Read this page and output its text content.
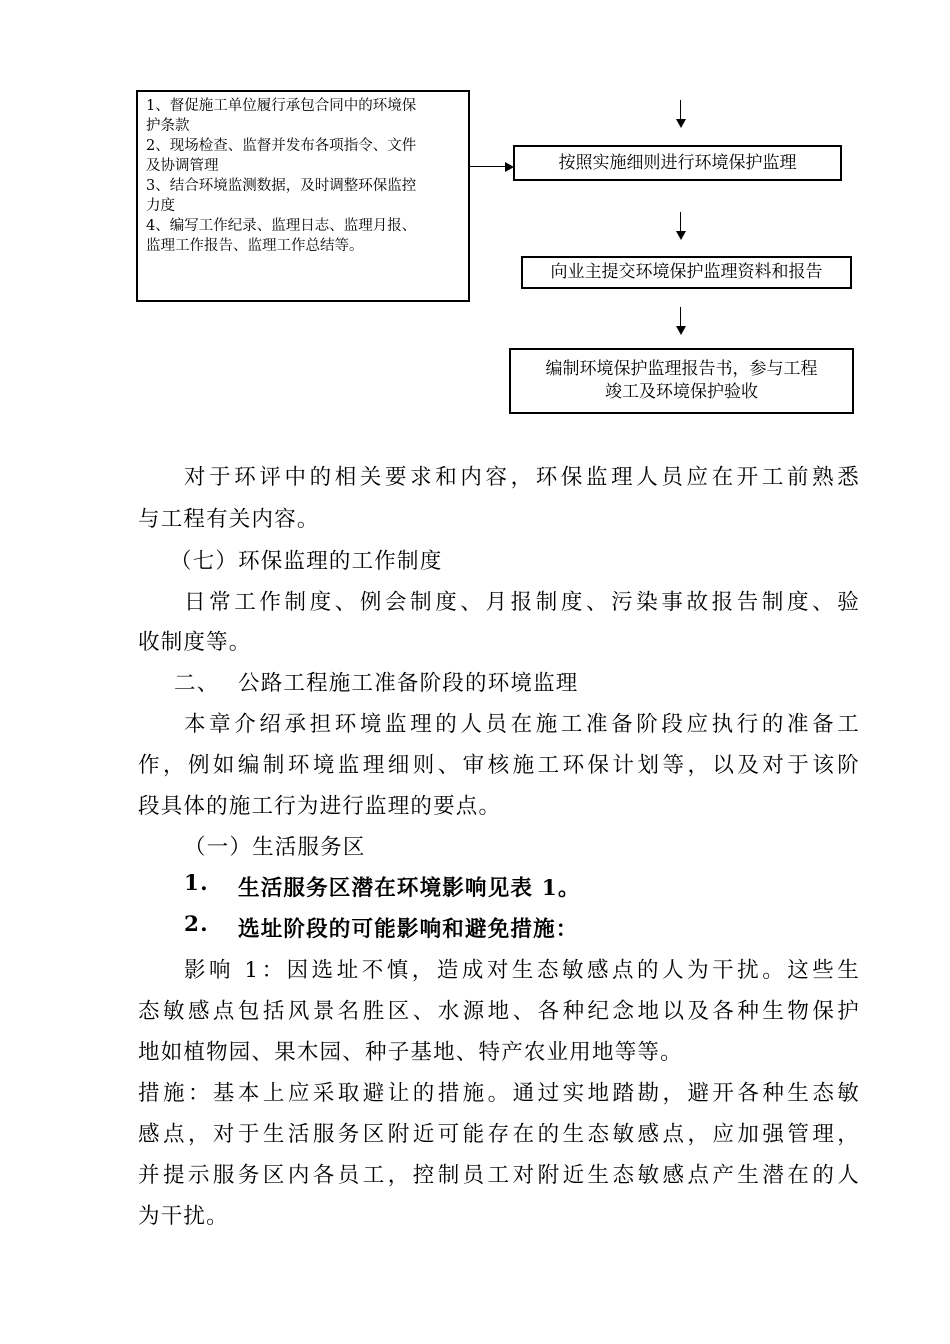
1、督促施工单位履行承包合同中的环境保
护条款
2、现场检查、监督并发布各项指令、文件
及协调管理
3、结合环境监测数据，及时调整环保监控
力度
4、编写工作纪录、监理日志、监理月报、
监理工作报告、监理工作总结等。
按照实施细则进行环境保护监理
向业主提交环境保护监理资料和报告
编制环境保护监理报告书，参与工程
竣工及环境保护验收
对于环评中的相关要求和内容，环保监理人员应在开工前熟悉
与工程有关内容。
（七）环保监理的工作制度
日常工作制度、例会制度、月报制度、污染事故报告制度、验
收制度等。
二、 公路工程施工准备阶段的环境监理
本章介绍承担环境监理的人员在施工准备阶段应执行的准备工
作，例如编制环境监理细则、审核施工环保计划等，以及对于该阶
段具体的施工行为进行监理的要点。
（一）生活服务区
1. 生活服务区潜在环境影响见表 1。
2. 选址阶段的可能影响和避免措施：
影响 1：因选址不慎，造成对生态敏感点的人为干扰。这些生
态敏感点包括风景名胜区、水源地、各种纪念地以及各种生物保护
地如植物园、果木园、种子基地、特产农业用地等等。
措施：基本上应采取避让的措施。通过实地踏勘，避开各种生态敏
感点，对于生活服务区附近可能存在的生态敏感点，应加强管理，
并提示服务区内各员工，控制员工对附近生态敏感点产生潜在的人
为干扰。
